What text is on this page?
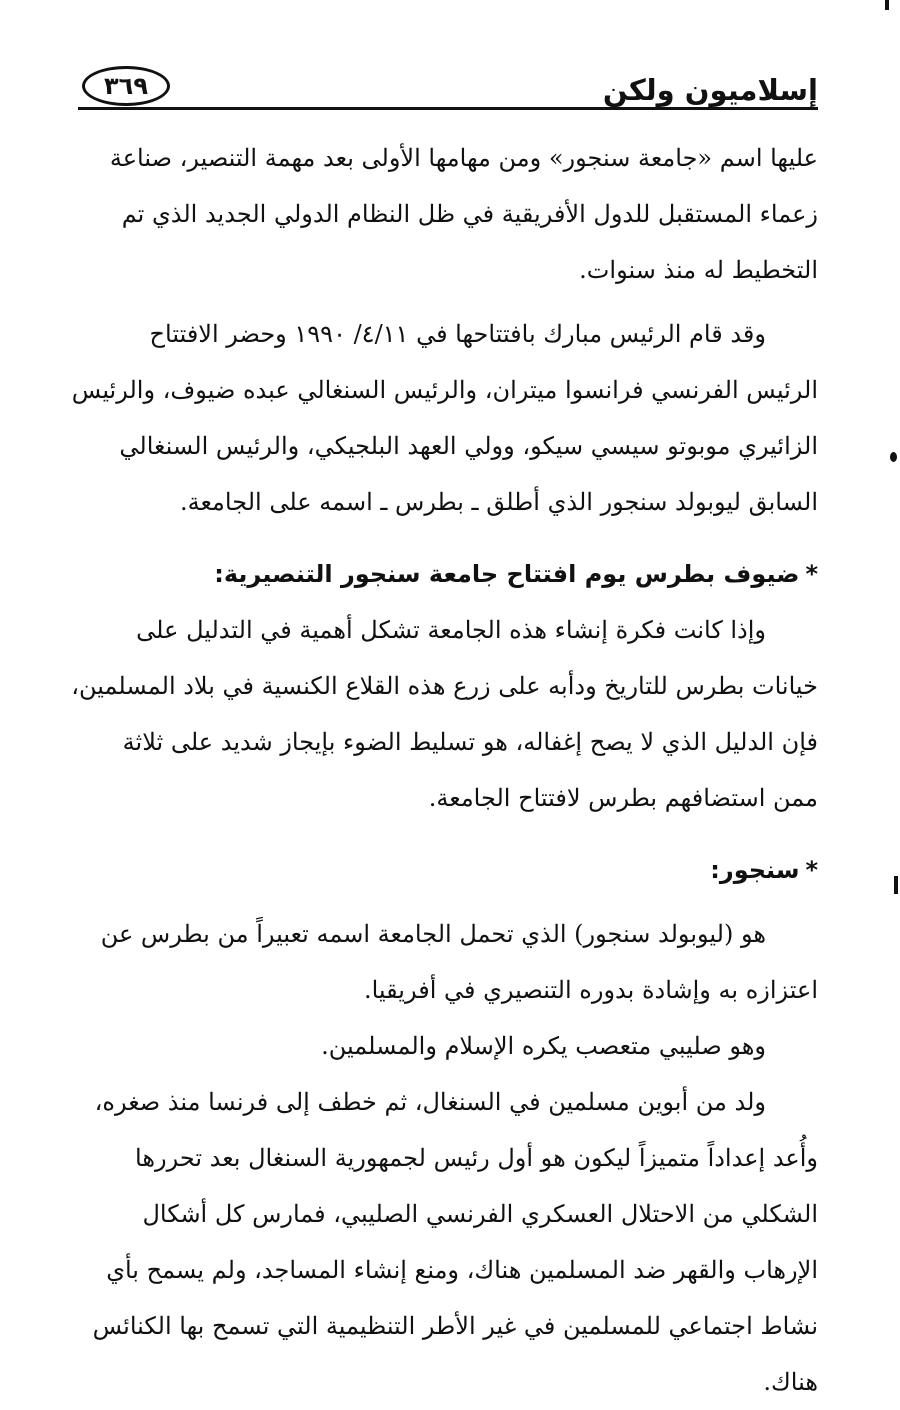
إسلاميون ولكن
٣٦٩

عليها اسم «جامعة سنجور» ومن مهامها الأولى بعد مهمة التنصير، صناعة
زعماء المستقبل للدول الأفريقية في ظل النظام الدولي الجديد الذي تم
التخطيط له منذ سنوات.

وقد قام الرئيس مبارك بافتتاحها في ٤/١١/ ١٩٩٠ وحضر الافتتاح
الرئيس الفرنسي فرانسوا ميتران، والرئيس السنغالي عبده ضيوف، والرئيس
الزائيري موبوتو سيسي سيكو، وولي العهد البلجيكي، والرئيس السنغالي
السابق ليوبولد سنجور الذي أطلق ـ بطرس ـ اسمه على الجامعة.

*ضيوف بطرس يوم افتتاح جامعة سنجور التنصيرية:

وإذا كانت فكرة إنشاء هذه الجامعة تشكل أهمية في التدليل على
خيانات بطرس للتاريخ ودأبه على زرع هذه القلاع الكنسية في بلاد المسلمين،
فإن الدليل الذي لا يصح إغفاله، هو تسليط الضوء بإيجاز شديد على ثلاثة
ممن استضافهم بطرس لافتتاح الجامعة.

*سنجور:

هو (ليوبولد سنجور) الذي تحمل الجامعة اسمه تعبيراً من بطرس عن
اعتزازه به وإشادة بدوره التنصيري في أفريقيا.

وهو صليبي متعصب يكره الإسلام والمسلمين.

ولد من أبوين مسلمين في السنغال، ثم خطف إلى فرنسا منذ صغره،
وأُعد إعداداً متميزاً ليكون هو أول رئيس لجمهورية السنغال بعد تحررها
الشكلي من الاحتلال العسكري الفرنسي الصليبي، فمارس كل أشكال
الإرهاب والقهر ضد المسلمين هناك، ومنع إنشاء المساجد، ولم يسمح بأي
نشاط اجتماعي للمسلمين في غير الأطر التنظيمية التي تسمح بها الكنائس
هناك.
